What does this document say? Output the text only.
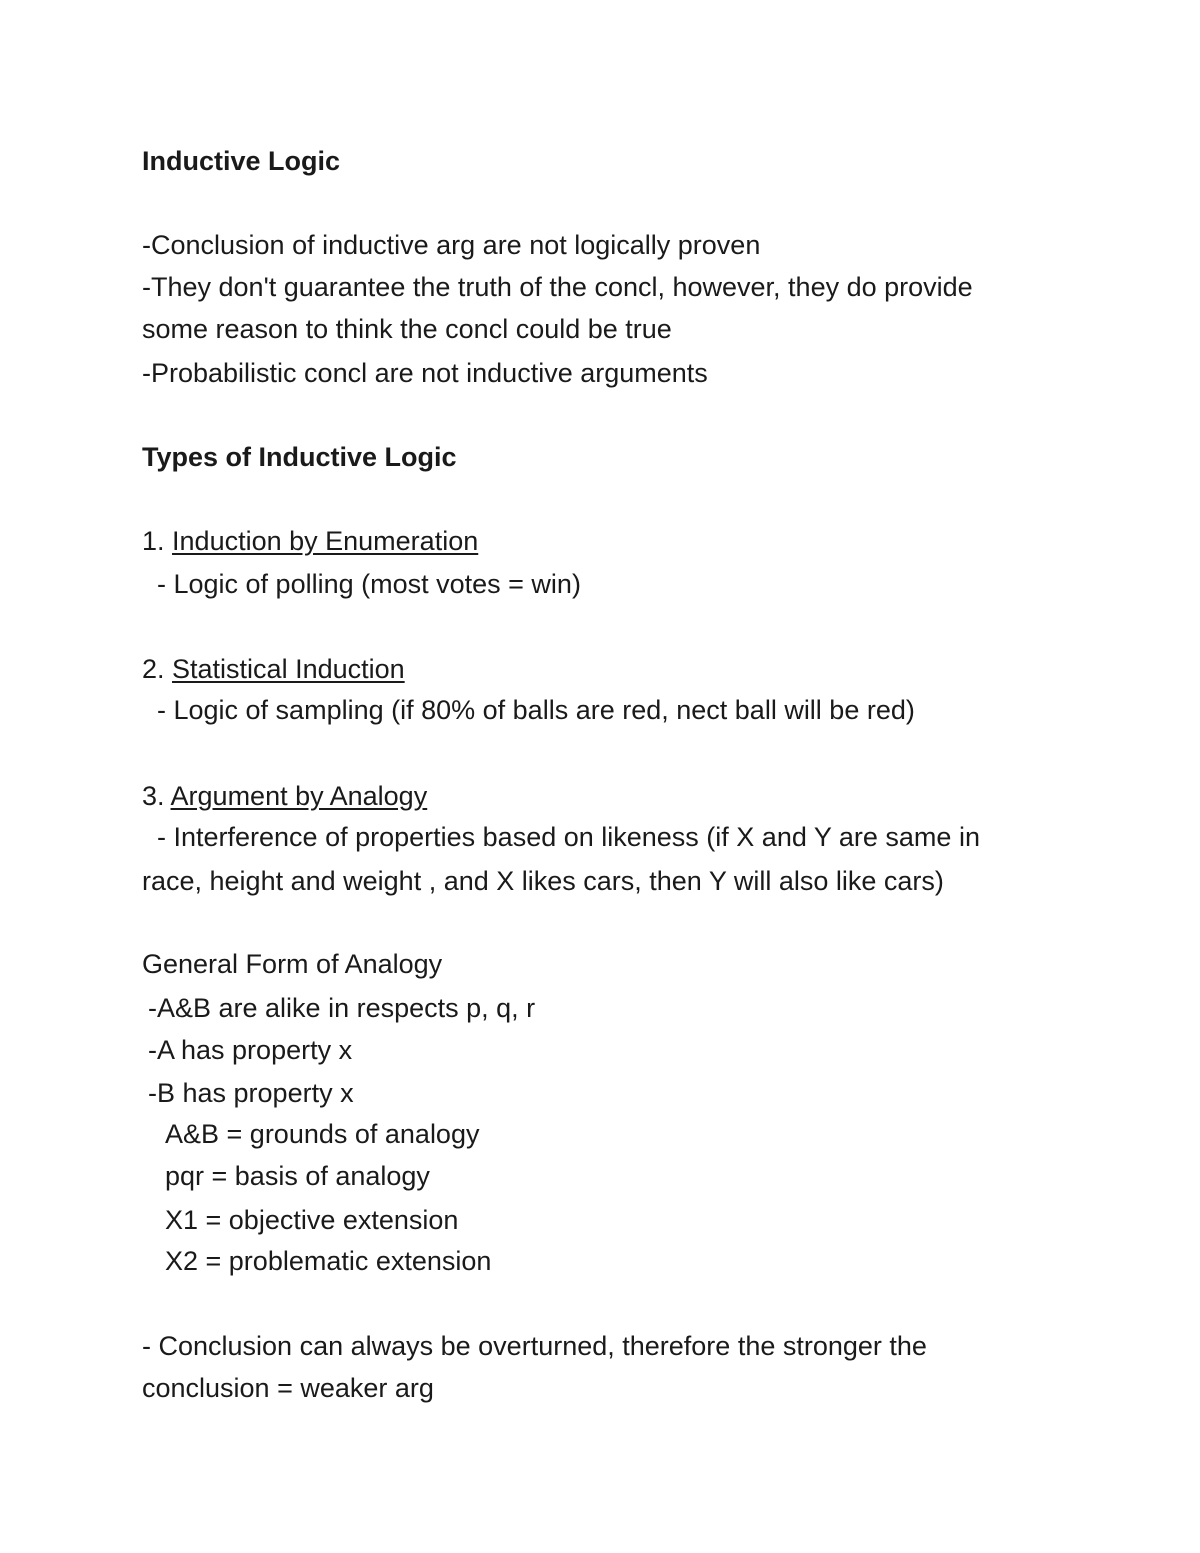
Inductive Logic
-Conclusion of inductive arg are not logically proven
-They don't guarantee the truth of the concl, however, they do provide
some reason to think the concl could be true
-Probabilistic concl are not inductive arguments
Types of Inductive Logic
1. Induction by Enumeration
- Logic of polling (most votes = win)
2. Statistical Induction
- Logic of sampling (if 80% of balls are red, nect ball will be red)
3. Argument by Analogy
- Interference of properties based on likeness (if X and Y are same in
race, height and weight , and X likes cars, then Y will also like cars)
General Form of Analogy
-A&B are alike in respects p, q, r
-A has property x
-B has property x
A&B = grounds of analogy
pqr = basis of analogy
X1 = objective extension
X2 = problematic extension
- Conclusion can always be overturned, therefore the stronger the
conclusion = weaker arg
